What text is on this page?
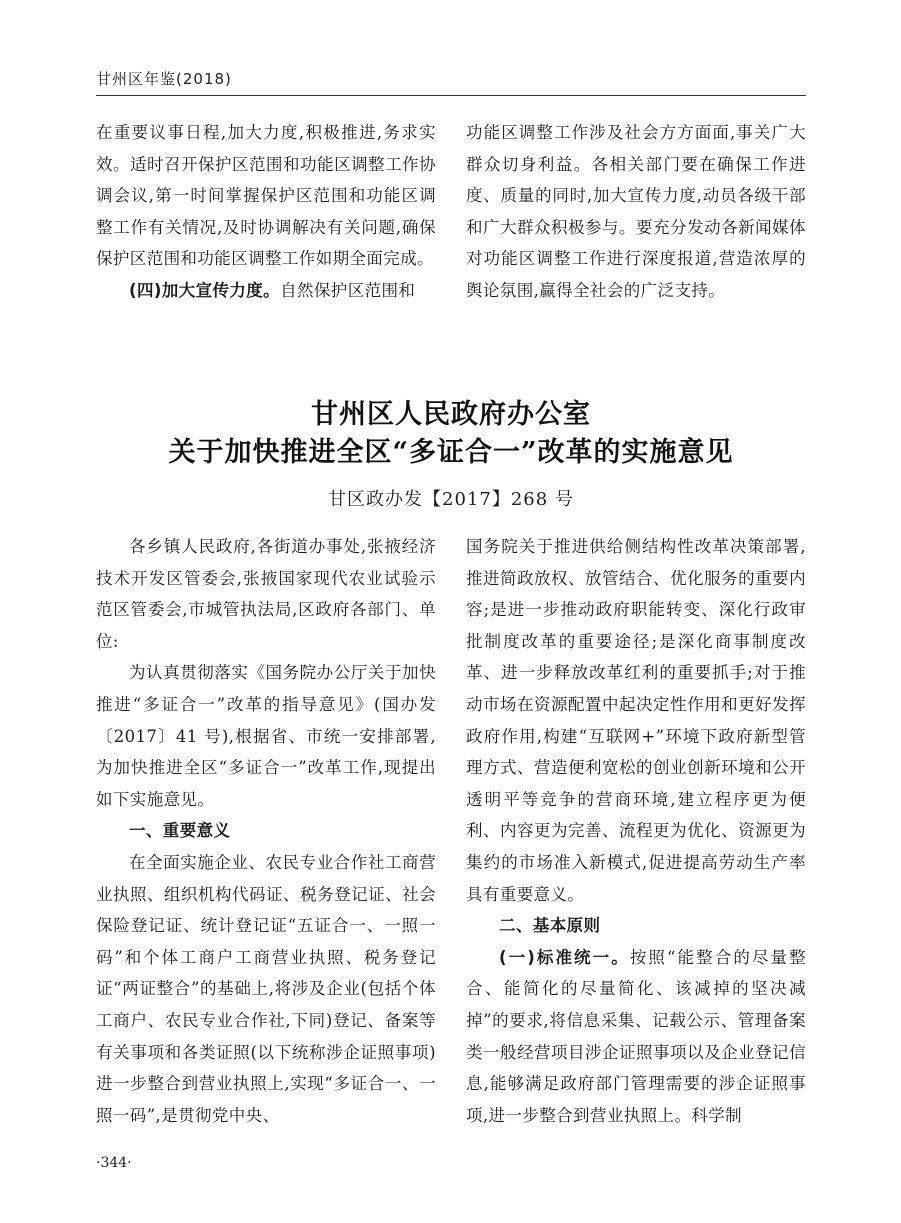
甘州区年鉴(2018)

在重要议事日程,加大力度,积极推进,务求实效。适时召开保护区范围和功能区调整工作协调会议,第一时间掌握保护区范围和功能区调整工作有关情况,及时协调解决有关问题,确保保护区范围和功能区调整工作如期全面完成。

(四)加大宣传力度。自然保护区范围和

功能区调整工作涉及社会方方面面,事关广大群众切身利益。各相关部门要在确保工作进度、质量的同时,加大宣传力度,动员各级干部和广大群众积极参与。要充分发动各新闻媒体对功能区调整工作进行深度报道,营造浓厚的舆论氛围,赢得全社会的广泛支持。

甘州区人民政府办公室
关于加快推进全区“多证合一”改革的实施意见
甘区政办发【2017】268 号

各乡镇人民政府,各街道办事处,张掖经济技术开发区管委会,张掖国家现代农业试验示范区管委会,市城管执法局,区政府各部门、单位:

为认真贯彻落实《国务院办公厅关于加快推进“多证合一”改革的指导意见》(国办发〔2017〕41 号),根据省、市统一安排部署,为加快推进全区“多证合一”改革工作,现提出如下实施意见。

一、重要意义

在全面实施企业、农民专业合作社工商营业执照、组织机构代码证、税务登记证、社会保险登记证、统计登记证“五证合一、一照一码”和个体工商户工商营业执照、税务登记证“两证整合”的基础上,将涉及企业(包括个体工商户、农民专业合作社,下同)登记、备案等有关事项和各类证照(以下统称涉企证照事项)进一步整合到营业执照上,实现“多证合一、一照一码”,是贯彻党中央、

国务院关于推进供给侧结构性改革决策部署,推进简政放权、放管结合、优化服务的重要内容;是进一步推动政府职能转变、深化行政审批制度改革的重要途径;是深化商事制度改革、进一步释放改革红利的重要抓手;对于推动市场在资源配置中起决定性作用和更好发挥政府作用,构建“互联网+”环境下政府新型管理方式、营造便利宽松的创业创新环境和公开透明平等竞争的营商环境,建立程序更为便利、内容更为完善、流程更为优化、资源更为集约的市场准入新模式,促进提高劳动生产率具有重要意义。

二、基本原则

(一)标准统一。按照“能整合的尽量整合、能简化的尽量简化、该减掉的坚决减掉”的要求,将信息采集、记载公示、管理备案类一般经营项目涉企证照事项以及企业登记信息,能够满足政府部门管理需要的涉企证照事项,进一步整合到营业执照上。科学制

·344·
